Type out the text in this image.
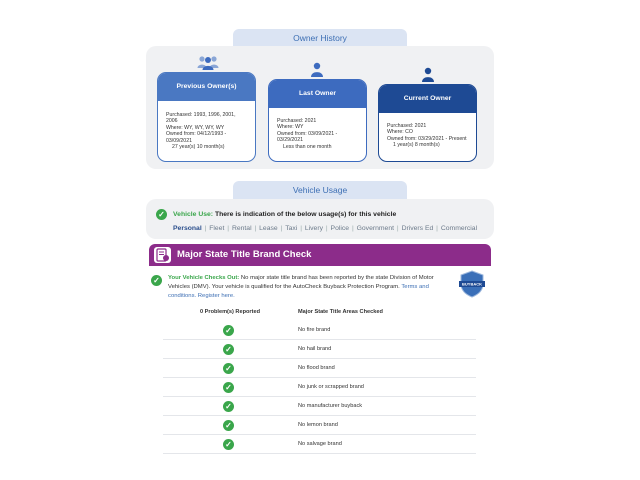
Owner History
Previous Owner(s)
Purchased: 1993, 1996, 2001, 2006
Where: WY, WY, WY, WY
Owned from: 04/12/1993 - 03/09/2021
27 year(s) 10 month(s)
Last Owner
Purchased: 2021
Where: WY
Owned from: 03/09/2021 - 03/29/2021
Less than one month
Current Owner
Purchased: 2021
Where: CO
Owned from: 03/29/2021 - Present
1 year(s) 8 month(s)
Vehicle Usage
✓	Vehicle Use: There is indication of the below usage(s) for this vehicle
Personal | Fleet | Rental | Lease | Taxi | Livery | Police | Government | Drivers Ed | Commercial
Major State Title Brand Check
✓	Your Vehicle Checks Out: No major state title brand has been reported by the state Division of Motor Vehicles (DMV). Your vehicle is qualified for the AutoCheck Buyback Protection Program. Terms and conditions. Register here.
BUYBACK
0 Problem(s) Reported	Major State Title Areas Checked
✓	No fire brand
✓	No hail brand
✓	No flood brand
✓	No junk or scrapped brand
✓	No manufacturer buyback
✓	No lemon brand
✓	No salvage brand
